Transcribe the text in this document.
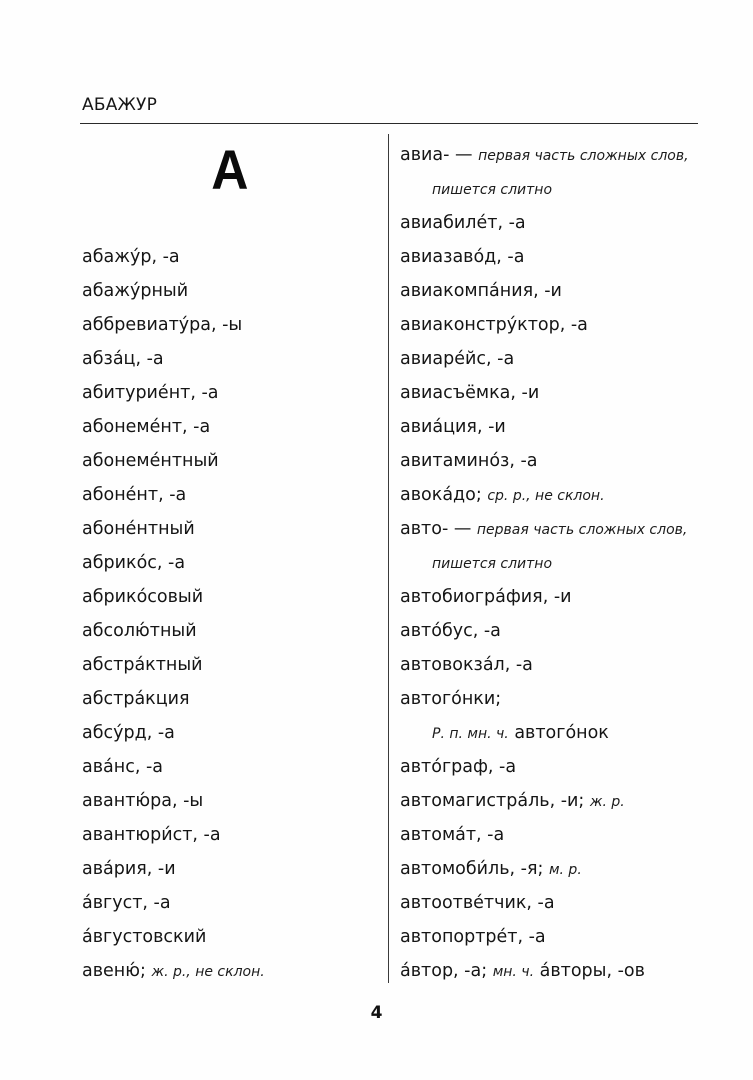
АБАЖУР
А
абажу́р, -а
абажу́рный
аббревиату́ра, -ы
абза́ц, -а
абитурие́нт, -а
абонеме́нт, -а
абонеме́нтный
абоне́нт, -а
абоне́нтный
абрико́с, -а
абрико́совый
абсолю́тный
абстра́ктный
абстра́кция
абсу́рд, -а
ава́нс, -а
авантю́ра, -ы
авантюри́ст, -а
ава́рия, -и
а́вгуст, -а
а́вгустовский
авеню́; ж. р., не склон.
авиа- — первая часть сложных слов,
пишется слитно
авиабиле́т, -а
авиазаво́д, -а
авиакомпа́ния, -и
авиаконстру́ктор, -а
авиаре́йс, -а
авиасъёмка, -и
авиа́ция, -и
авитамино́з, -а
авока́до; ср. р., не склон.
авто- — первая часть сложных слов,
пишется слитно
автобиогра́фия, -и
авто́бус, -а
автовокза́л, -а
автого́нки;
Р. п. мн. ч. автого́нок
авто́граф, -а
автомагистра́ль, -и; ж. р.
автома́т, -а
автомоби́ль, -я; м. р.
автоотве́тчик, -а
автопортре́т, -а
а́втор, -а; мн. ч. а́вторы, -ов
4
